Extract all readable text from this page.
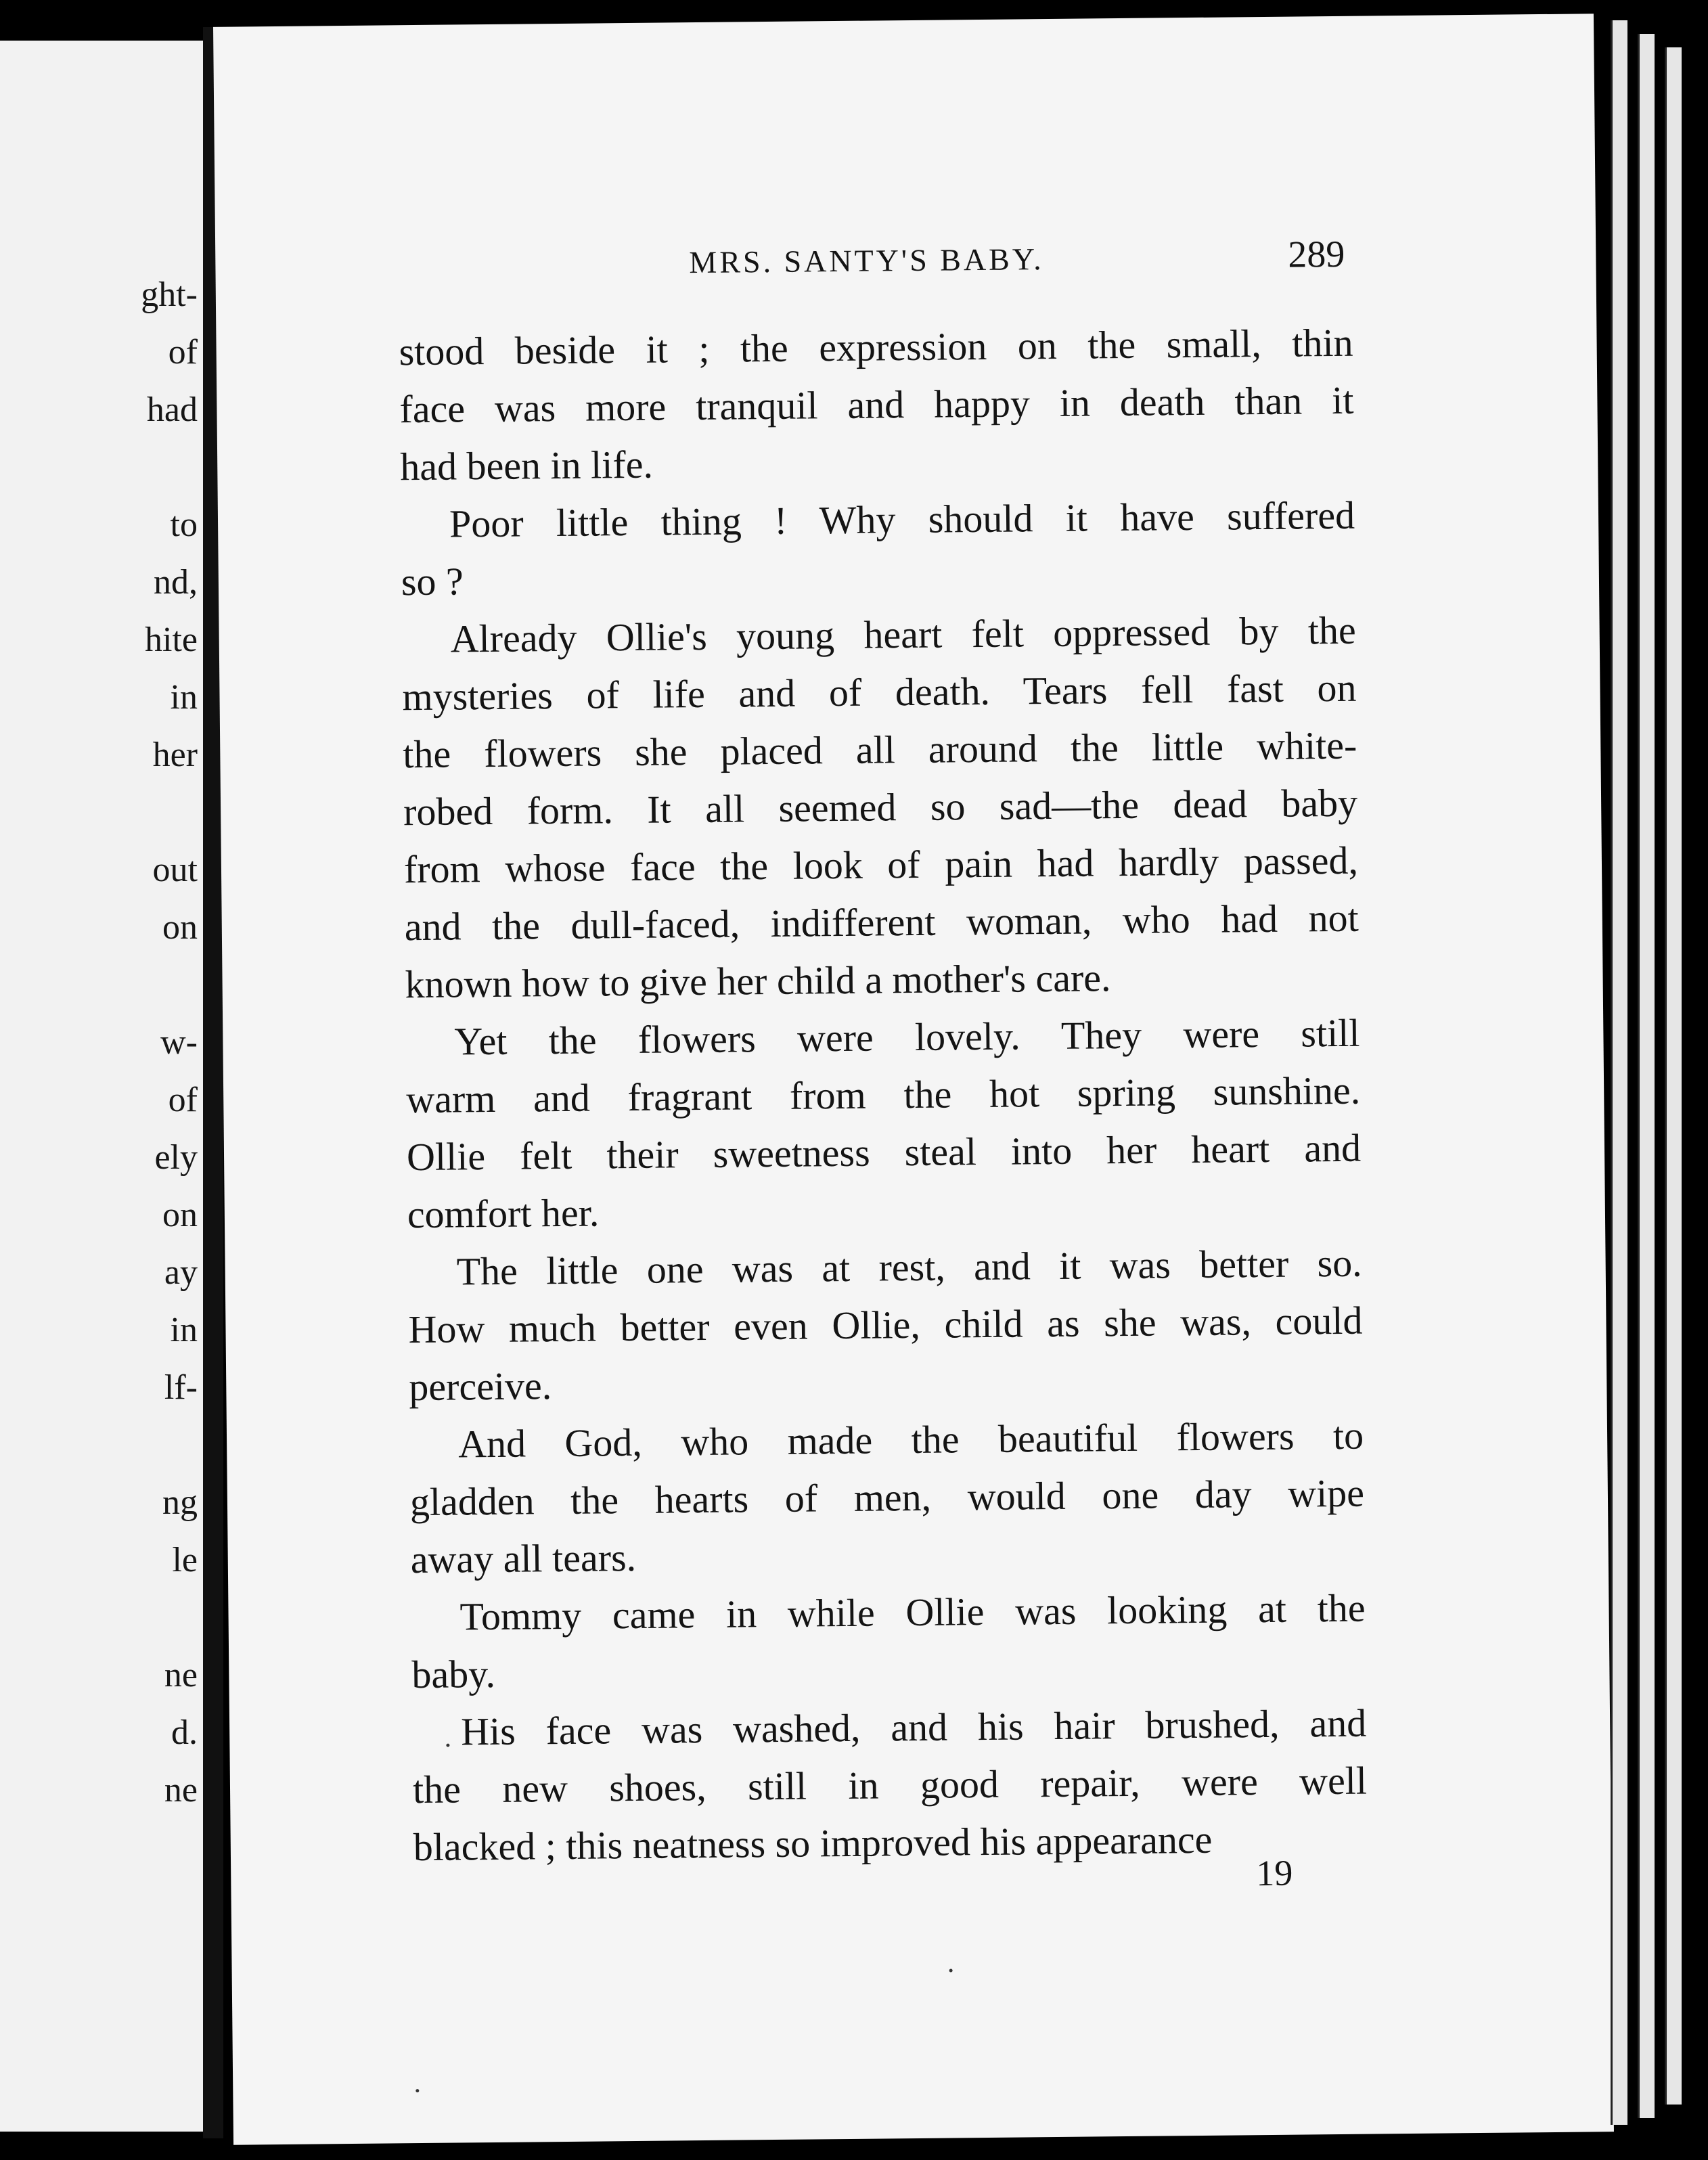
ght-
of
had
to
nd,
hite
in
her
out
on
w-
of
ely
on
ay
in
lf-
ng
le
ne
d.
ne
MRS. SANTY'S BABY.	289
stood beside it ; the expression on the small, thin
face was more tranquil and happy in death than it
had been in life.
Poor little thing ! Why should it have suffered
so ?
Already Ollie's young heart felt oppressed by the
mysteries of life and of death. Tears fell fast on
the flowers she placed all around the little white-
robed form. It all seemed so sad—the dead baby
from whose face the look of pain had hardly passed,
and the dull-faced, indifferent woman, who had not
known how to give her child a mother's care.
Yet the flowers were lovely. They were still
warm and fragrant from the hot spring sunshine.
Ollie felt their sweetness steal into her heart and
comfort her.
The little one was at rest, and it was better so.
How much better even Ollie, child as she was, could
perceive.
And God, who made the beautiful flowers to
gladden the hearts of men, would one day wipe
away all tears.
Tommy came in while Ollie was looking at the
baby.
His face was washed, and his hair brushed, and
the new shoes, still in good repair, were well
blacked ; this neatness so improved his appearance
19
